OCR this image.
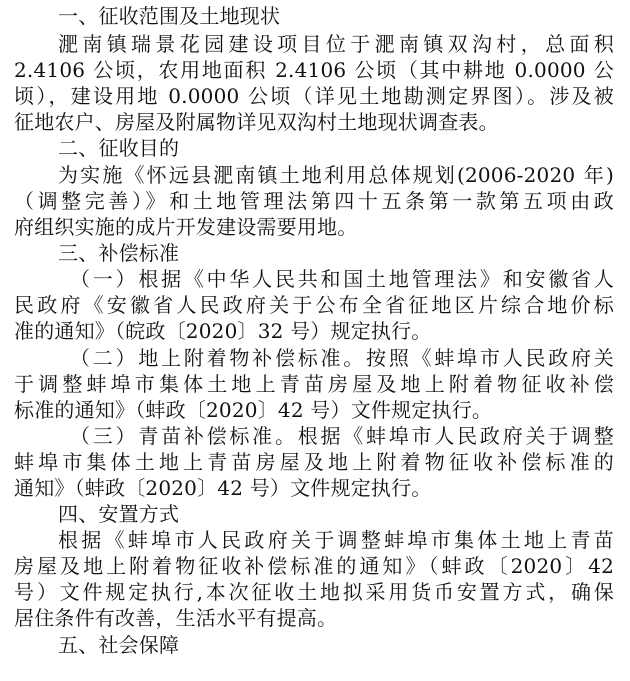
一、征收范围及土地现状
淝南镇瑞景花园建设项目位于淝南镇双沟村，总面积
2.4106 公顷，农用地面积 2.4106 公顷（其中耕地 0.0000 公
顷），建设用地 0.0000 公顷（详见土地勘测定界图）。涉及被
征地农户、房屋及附属物详见双沟村土地现状调查表。
二、征收目的
为实施《怀远县淝南镇土地利用总体规划(2006-2020 年)
（调整完善）》和土地管理法第四十五条第一款第五项由政
府组织实施的成片开发建设需要用地。
三、补偿标准
（一）根据《中华人民共和国土地管理法》和安徽省人
民政府《安徽省人民政府关于公布全省征地区片综合地价标
准的通知》（皖政〔2020〕32 号）规定执行。
（二）地上附着物补偿标准。按照《蚌埠市人民政府关
于调整蚌埠市集体土地上青苗房屋及地上附着物征收补偿
标准的通知》（蚌政〔2020〕42 号）文件规定执行。
（三）青苗补偿标准。根据《蚌埠市人民政府关于调整
蚌埠市集体土地上青苗房屋及地上附着物征收补偿标准的
通知》（蚌政〔2020〕42 号）文件规定执行。
四、安置方式
根据《蚌埠市人民政府关于调整蚌埠市集体土地上青苗
房屋及地上附着物征收补偿标准的通知》（蚌政〔2020〕42
号）文件规定执行,本次征收土地拟采用货币安置方式，确保
居住条件有改善，生活水平有提高。
五、社会保障
